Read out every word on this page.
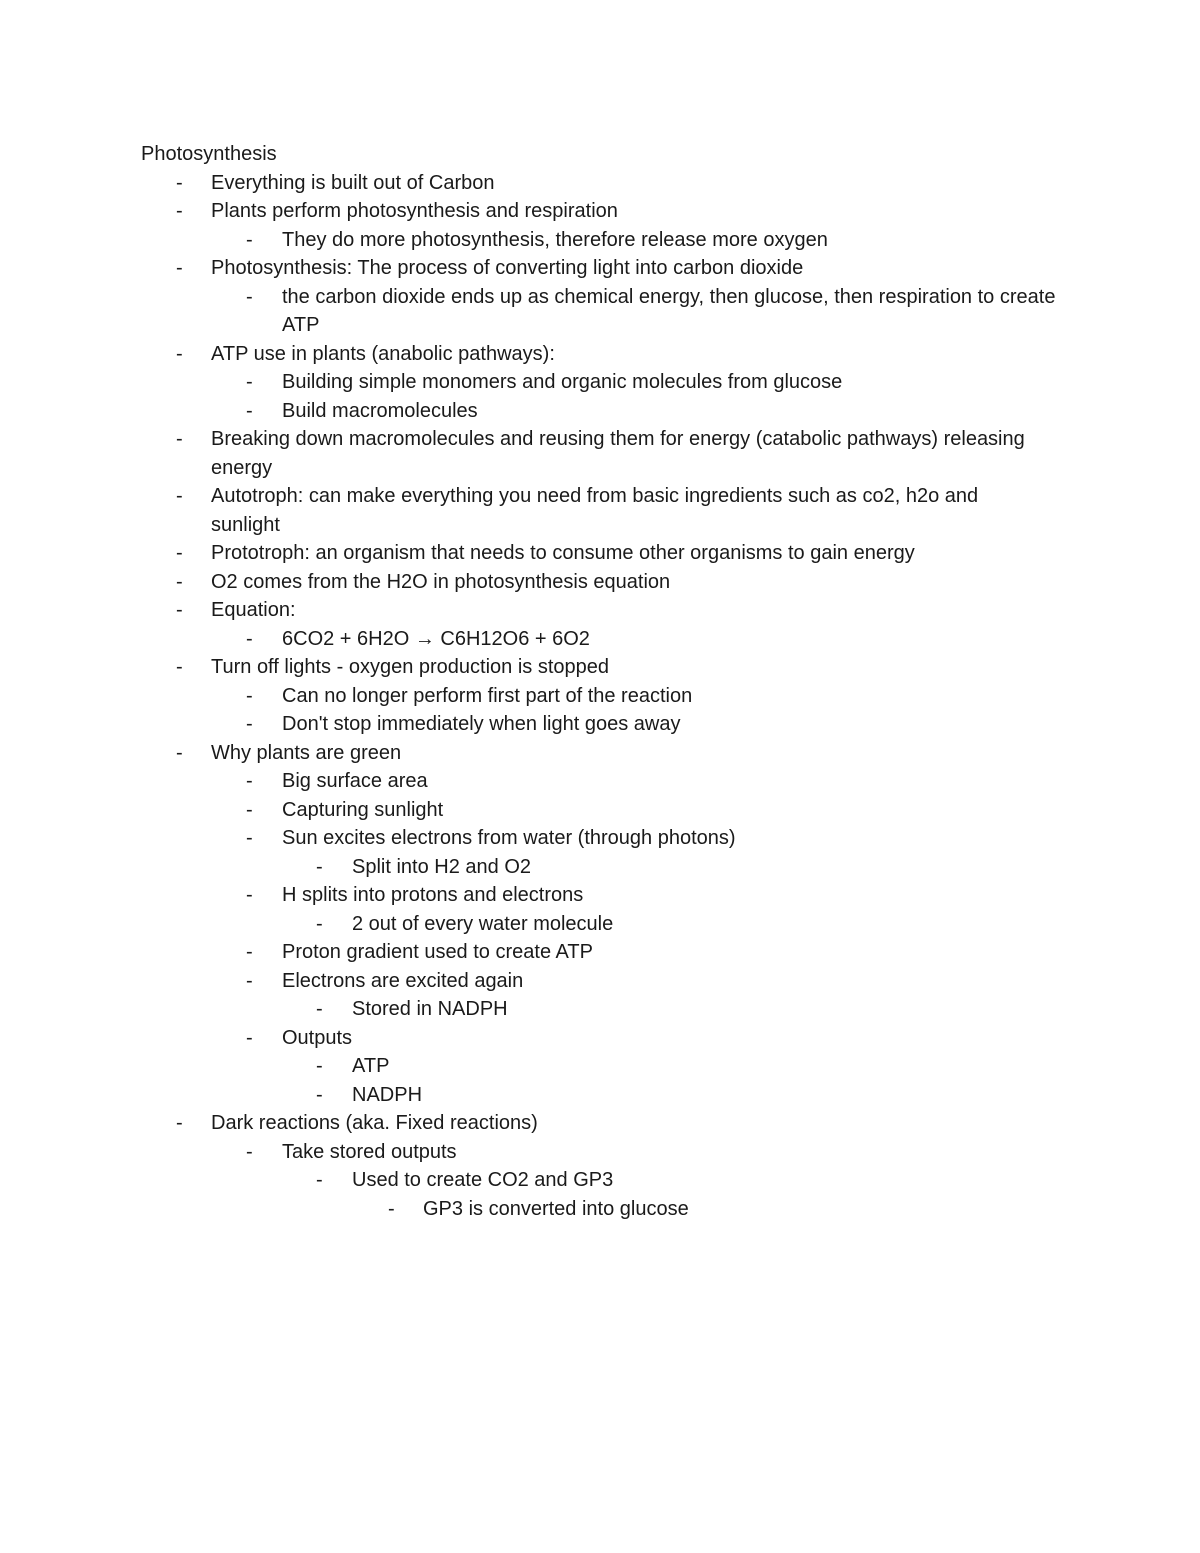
Photosynthesis
- Everything is built out of Carbon
- Plants perform photosynthesis and respiration
- They do more photosynthesis, therefore release more oxygen
- Photosynthesis: The process of converting light into carbon dioxide
- the carbon dioxide ends up as chemical energy, then glucose, then respiration to create ATP
- ATP use in plants (anabolic pathways):
- Building simple monomers and organic molecules from glucose
- Build macromolecules
- Breaking down macromolecules and reusing them for energy (catabolic pathways) releasing energy
- Autotroph: can make everything you need from basic ingredients such as co2, h2o and sunlight
- Prototroph: an organism that needs to consume other organisms to gain energy
- O2 comes from the H2O in photosynthesis equation
- Equation:
- 6CO2 + 6H2O → C6H12O6 + 6O2
- Turn off lights - oxygen production is stopped
- Can no longer perform first part of the reaction
- Don't stop immediately when light goes away
- Why plants are green
- Big surface area
- Capturing sunlight
- Sun excites electrons from water (through photons)
- Split into H2 and O2
- H splits into protons and electrons
- 2 out of every water molecule
- Proton gradient used to create ATP
- Electrons are excited again
- Stored in NADPH
- Outputs
- ATP
- NADPH
- Dark reactions (aka. Fixed reactions)
- Take stored outputs
- Used to create CO2 and GP3
- GP3 is converted into glucose
